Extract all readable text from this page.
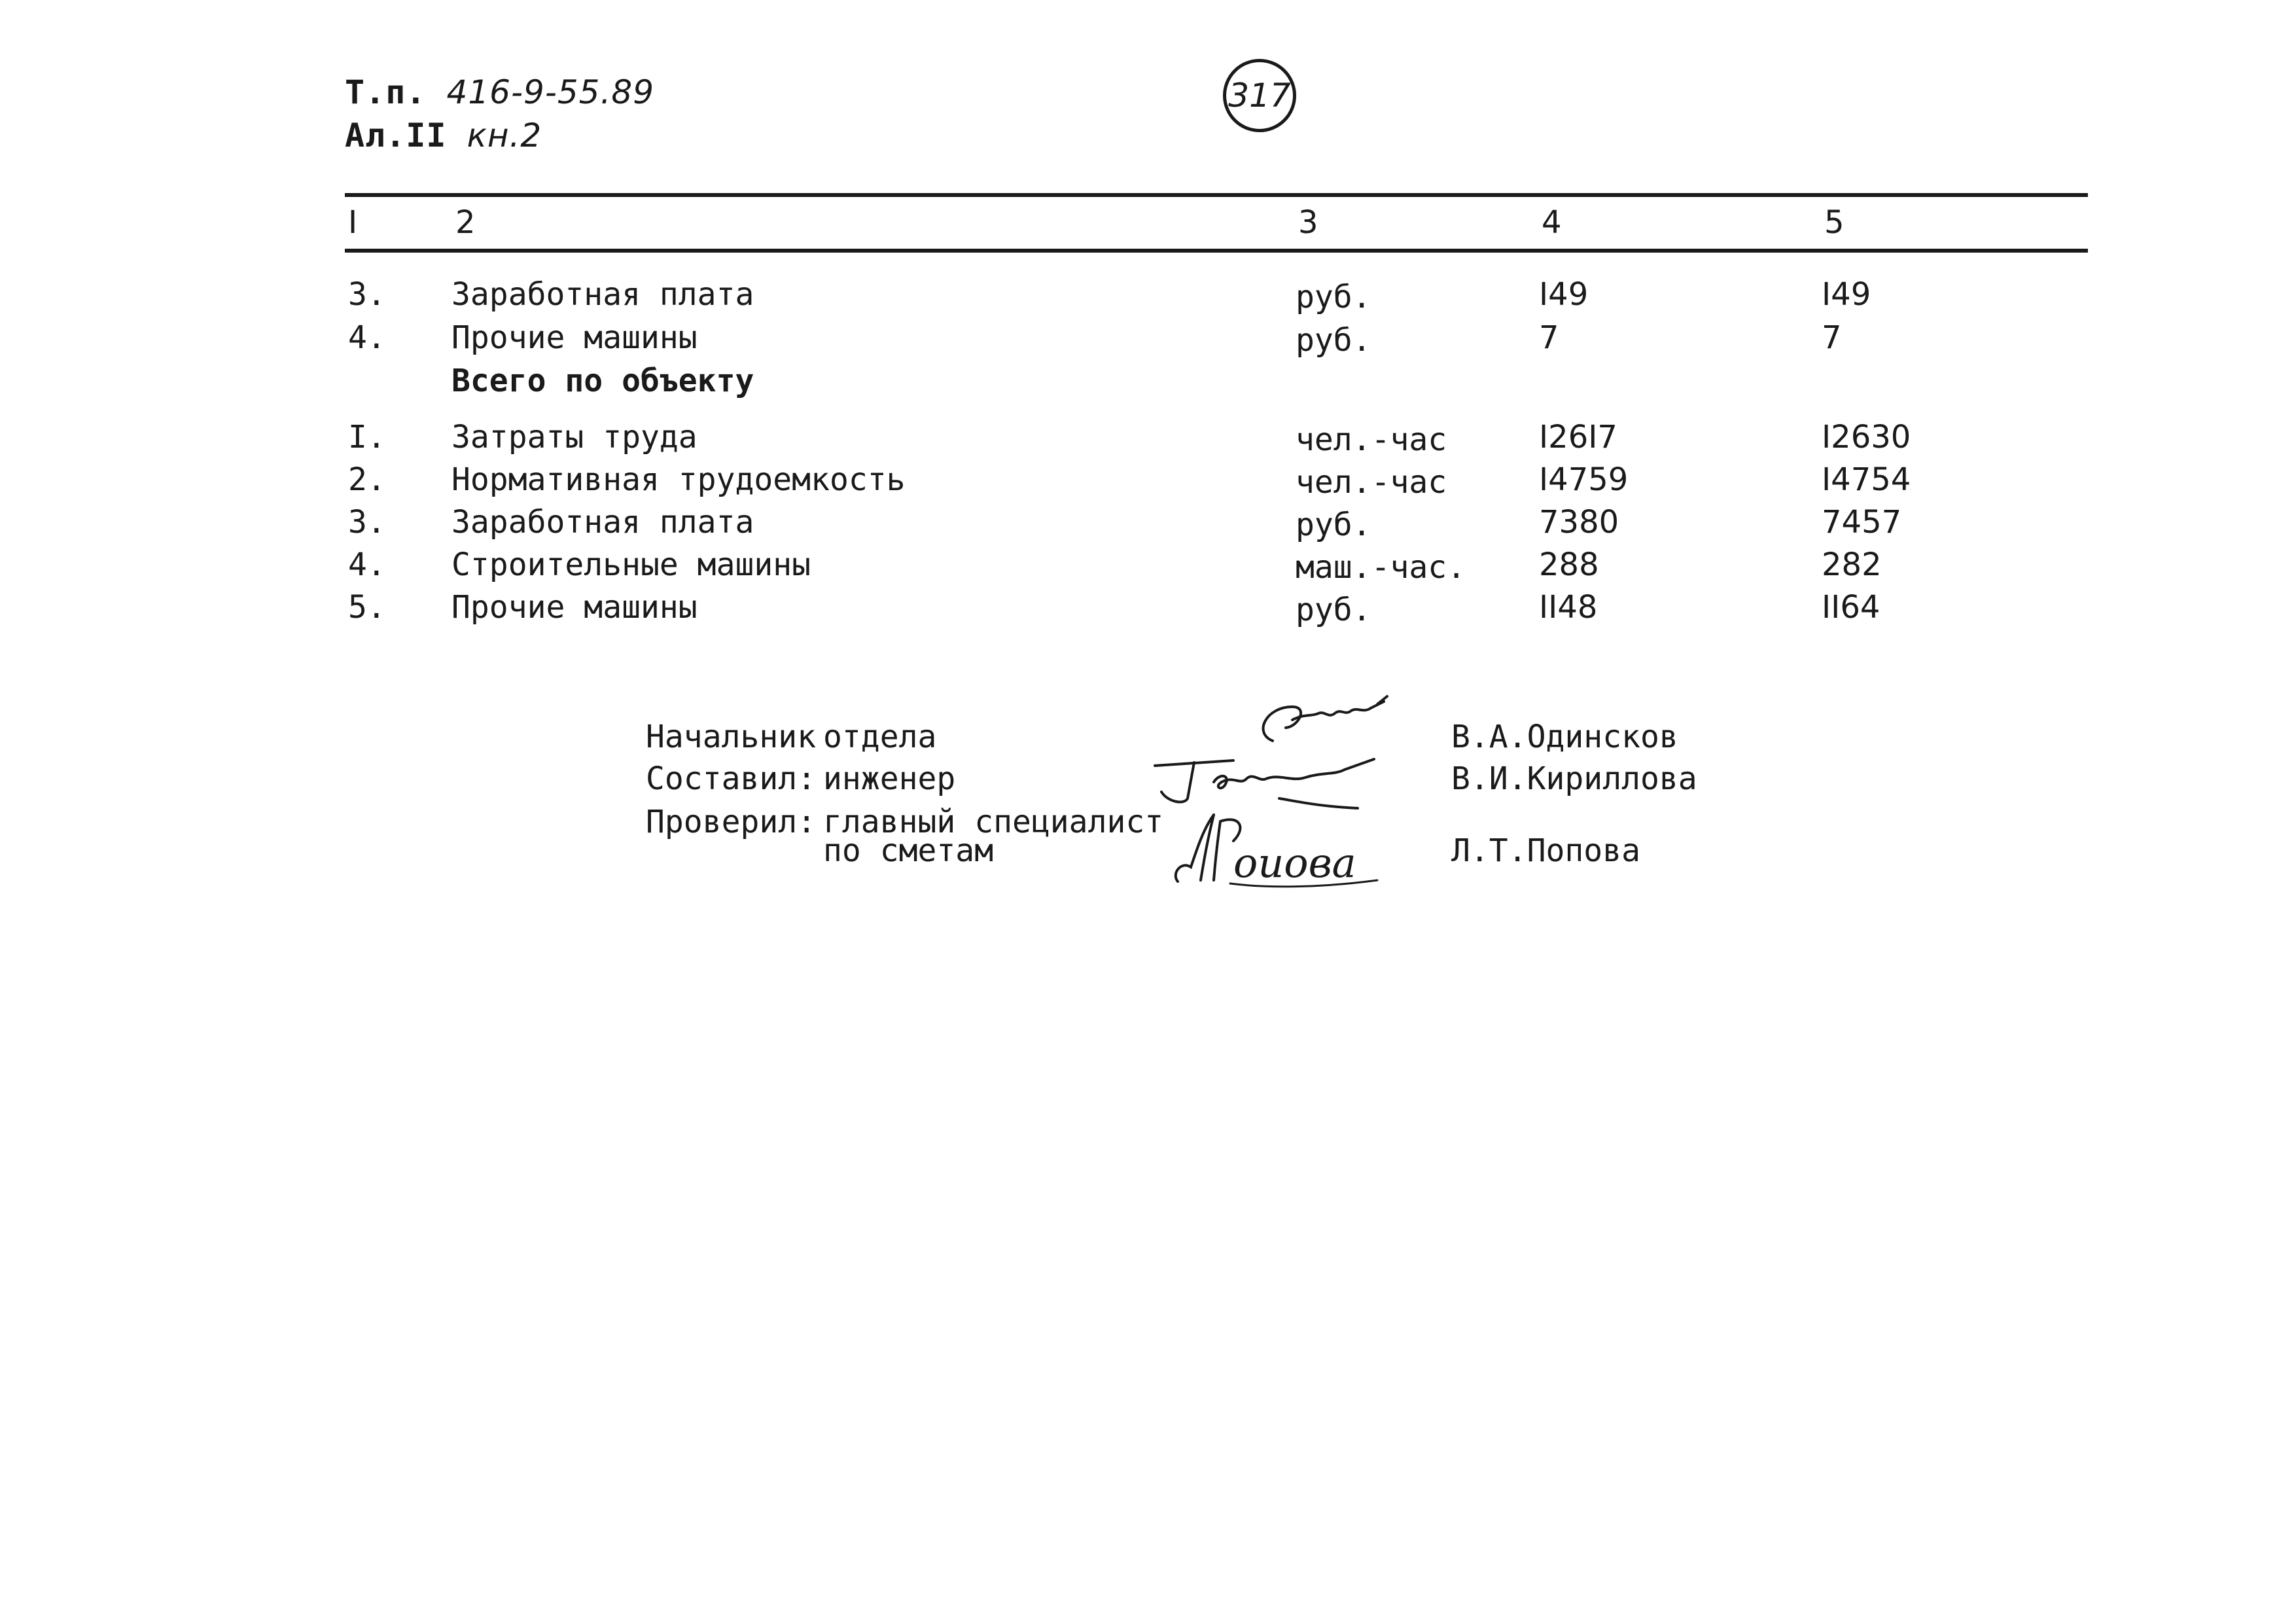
Т.п. 416-9-55.89
Ал.II кн.2
317
I	2	3	4	5
3. Заработная плата	руб.	I49	I49
4. Прочие машины	руб.	7	7
Всего по объекту
I. Затраты труда	чел.-час	I26I7	I2630
2. Нормативная трудоемкость	чел.-час	I4759	I4754
3. Заработная плата	руб.	7380	7457
4. Строительные машины	маш.-час. 288	282
5. Прочие машины	руб.	II48	II64
Начальник отдела	В.А.Одинсков
Составил: инженер	В.И.Кириллова
Проверил: главный специалист
по сметам	Л.Т.Попова
оиова
